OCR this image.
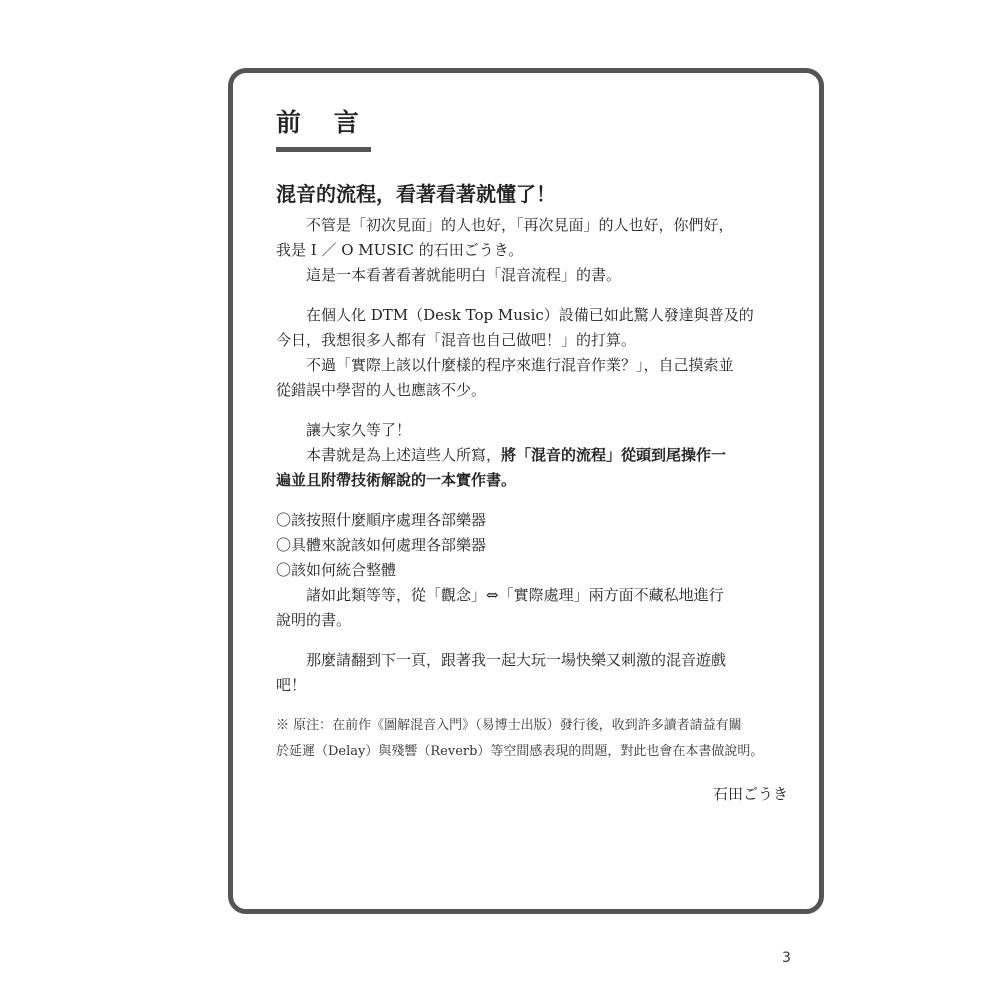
前 言
混音的流程，看著看著就懂了！

不管是「初次見面」的人也好，「再次見面」的人也好，你們好，
我是 I ／ O MUSIC 的石田ごうき。
這是一本看著看著就能明白「混音流程」的書。

在個人化 DTM（Desk Top Music）設備已如此驚人發達與普及的
今日，我想很多人都有「混音也自己做吧！」的打算。
不過「實際上該以什麼樣的程序來進行混音作業？」，自己摸索並
從錯誤中學習的人也應該不少。

讓大家久等了！
本書就是為上述這些人所寫，將「混音的流程」從頭到尾操作一
遍並且附帶技術解說的一本實作書。

〇該按照什麼順序處理各部樂器
〇具體來說該如何處理各部樂器
〇該如何統合整體
諸如此類等等，從「觀念」⇔「實際處理」兩方面不藏私地進行
說明的書。

那麼請翻到下一頁，跟著我一起大玩一場快樂又刺激的混音遊戲
吧！

※ 原注：在前作《圖解混音入門》（易博士出版）發行後，收到許多讀者請益有關
於延遲（Delay）與殘響（Reverb）等空間感表現的問題，對此也會在本書做說明。

石田ごうき
3
